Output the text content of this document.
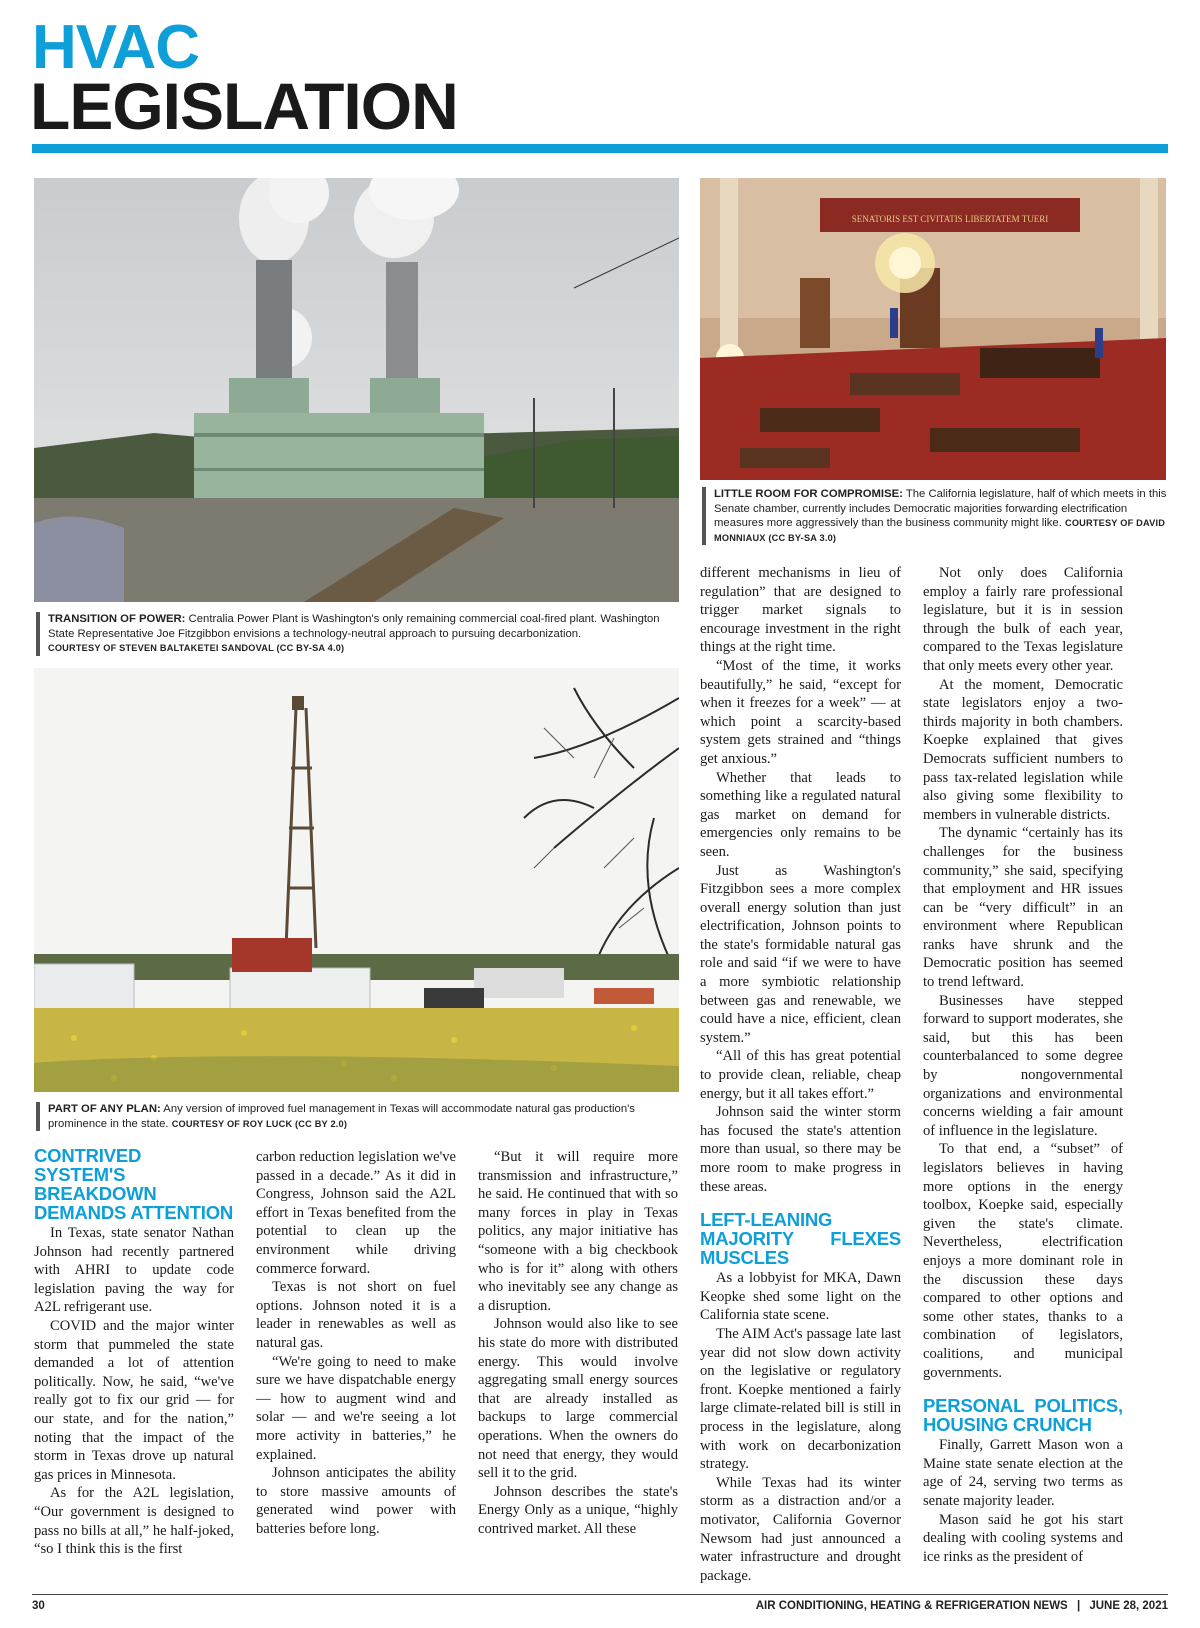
HVAC
LEGISLATION
TRANSITION OF POWER: Centralia Power Plant is Washington's only remaining commercial coal-fired plant. Washington State Representative Joe Fitzgibbon envisions a technology-neutral approach to pursuing decarbonization.
COURTESY OF STEVEN BALTAKETEI SANDOVAL (CC BY-SA 4.0)
SENATORIS EST CIVITATIS LIBERTATEM TUERI
LITTLE ROOM FOR COMPROMISE: The California legislature, half of which meets in this Senate chamber, currently includes Democratic majorities forwarding electrification measures more aggressively than the business community might like. COURTESY OF DAVID MONNIAUX (CC BY-SA 3.0)
PART OF ANY PLAN: Any version of improved fuel management in Texas will accommodate natural gas production's prominence in the state. COURTESY OF ROY LUCK (CC BY 2.0)
CONTRIVED SYSTEM'S BREAKDOWN DEMANDS ATTENTION

In Texas, state senator Nathan Johnson had recently partnered with AHRI to update code legislation paving the way for A2L refrigerant use.

COVID and the major winter storm that pummeled the state demanded a lot of attention politically. Now, he said, “we've really got to fix our grid — for our state, and for the nation,” noting that the impact of the storm in Texas drove up natural gas prices in Minnesota.

As for the A2L legislation, “Our government is designed to pass no bills at all,” he half-joked, “so I think this is the first

carbon reduction legislation we've passed in a decade.” As it did in Congress, Johnson said the A2L effort in Texas benefited from the potential to clean up the environment while driving commerce forward.

Texas is not short on fuel options. Johnson noted it is a leader in renewables as well as natural gas.

“We're going to need to make sure we have dispatchable energy — how to augment wind and solar — and we're seeing a lot more activity in batteries,” he explained.

Johnson anticipates the ability to store massive amounts of generated wind power with batteries before long.

“But it will require more transmission and infrastructure,” he said. He continued that with so many forces in play in Texas politics, any major initiative has “someone with a big checkbook who is for it” along with others who inevitably see any change as a disruption.

Johnson would also like to see his state do more with distributed energy. This would involve aggregating small energy sources that are already installed as backups to large commercial operations. When the owners do not need that energy, they would sell it to the grid.

Johnson describes the state's Energy Only as a unique, “highly contrived market. All these

different mechanisms in lieu of regulation” that are designed to trigger market signals to encourage investment in the right things at the right time.

“Most of the time, it works beautifully,” he said, “except for when it freezes for a week” — at which point a scarcity-based system gets strained and “things get anxious.”

Whether that leads to something like a regulated natural gas market on demand for emergencies only remains to be seen.

Just as Washington's Fitzgibbon sees a more complex overall energy solution than just electrification, Johnson points to the state's formidable natural gas role and said “if we were to have a more symbiotic relationship between gas and renewable, we could have a nice, efficient, clean system.”

“All of this has great potential to provide clean, reliable, cheap energy, but it all takes effort.”

Johnson said the winter storm has focused the state's attention more than usual, so there may be more room to make progress in these areas.

LEFT-LEANING MAJORITY FLEXES MUSCLES

As a lobbyist for MKA, Dawn Keopke shed some light on the California state scene.

The AIM Act's passage late last year did not slow down activity on the legislative or regulatory front. Koepke mentioned a fairly large climate-related bill is still in process in the legislature, along with work on decarbonization strategy.

While Texas had its winter storm as a distraction and/or a motivator, California Governor Newsom had just announced a water infrastructure and drought package.

Not only does California employ a fairly rare professional legislature, but it is in session through the bulk of each year, compared to the Texas legislature that only meets every other year.

At the moment, Democratic state legislators enjoy a two-thirds majority in both chambers. Koepke explained that gives Democrats sufficient numbers to pass tax-related legislation while also giving some flexibility to members in vulnerable districts.

The dynamic “certainly has its challenges for the business community,” she said, specifying that employment and HR issues can be “very difficult” in an environment where Republican ranks have shrunk and the Democratic position has seemed to trend leftward.

Businesses have stepped forward to support moderates, she said, but this has been counterbalanced to some degree by nongovernmental organizations and environmental concerns wielding a fair amount of influence in the legislature.

To that end, a “subset” of legislators believes in having more options in the energy toolbox, Koepke said, especially given the state's climate. Nevertheless, electrification enjoys a more dominant role in the discussion these days compared to other options and some other states, thanks to a combination of legislators, coalitions, and municipal governments.

PERSONAL POLITICS, HOUSING CRUNCH

Finally, Garrett Mason won a Maine state senate election at the age of 24, serving two terms as senate majority leader.

Mason said he got his start dealing with cooling systems and ice rinks as the president of

30	AIR CONDITIONING, HEATING & REFRIGERATION NEWS | JUNE 28, 2021
